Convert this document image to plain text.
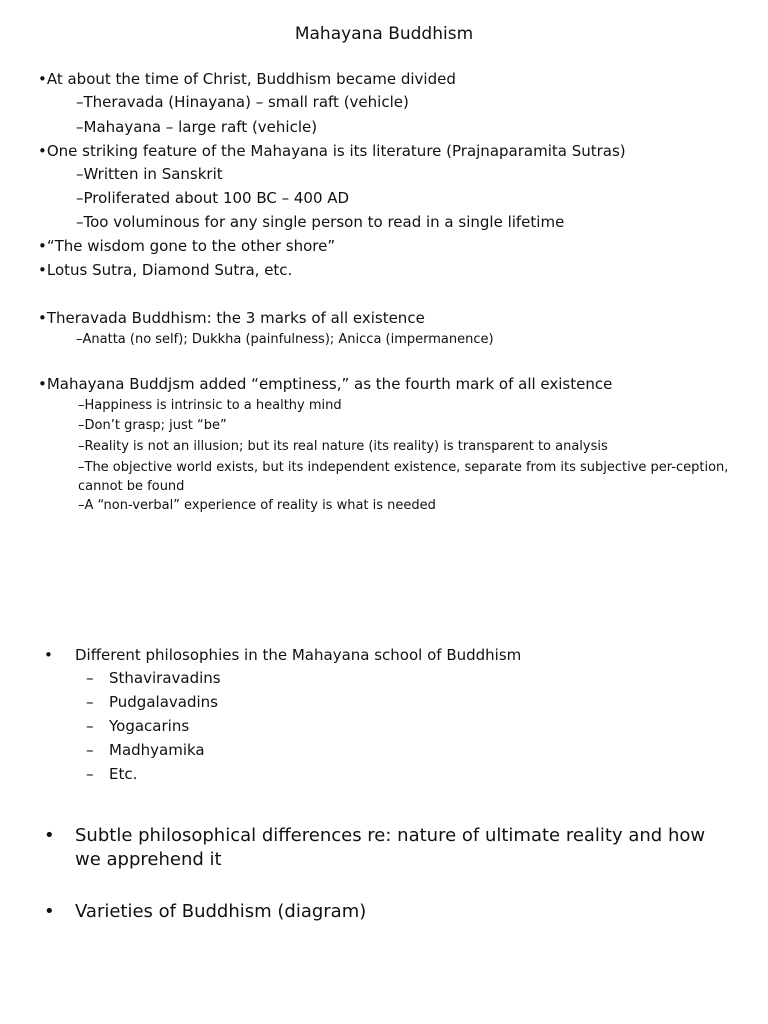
Mahayana Buddhism
•At about the time of Christ, Buddhism became divided
–Theravada (Hinayana) – small raft (vehicle)
–Mahayana – large raft (vehicle)
•One striking feature of the Mahayana is its literature (Prajnaparamita Sutras)
–Written in Sanskrit
–Proliferated about 100 BC – 400 AD
–Too voluminous for any single person to read in a single lifetime
•“The wisdom gone to the other shore”
•Lotus Sutra, Diamond Sutra, etc.
•Theravada Buddhism: the 3 marks of all existence
–Anatta (no self); Dukkha (painfulness); Anicca (impermanence)
•Mahayana Buddjsm added “emptiness,” as the fourth mark of all existence
–Happiness is intrinsic to a healthy mind
–Don’t grasp; just “be”
–Reality is not an illusion; but its real nature (its reality) is transparent to analysis
–The objective world exists, but its independent existence, separate from its subjective per-ception, cannot be found
–A “non-verbal” experience of reality is what is needed
• Different philosophies in the Mahayana school of Buddhism
– Sthaviravadins
– Pudgalavadins
– Yogacarins
– Madhyamika
– Etc.
• Subtle philosophical differences re: nature of ultimate reality and how we apprehend it
• Varieties of Buddhism (diagram)
